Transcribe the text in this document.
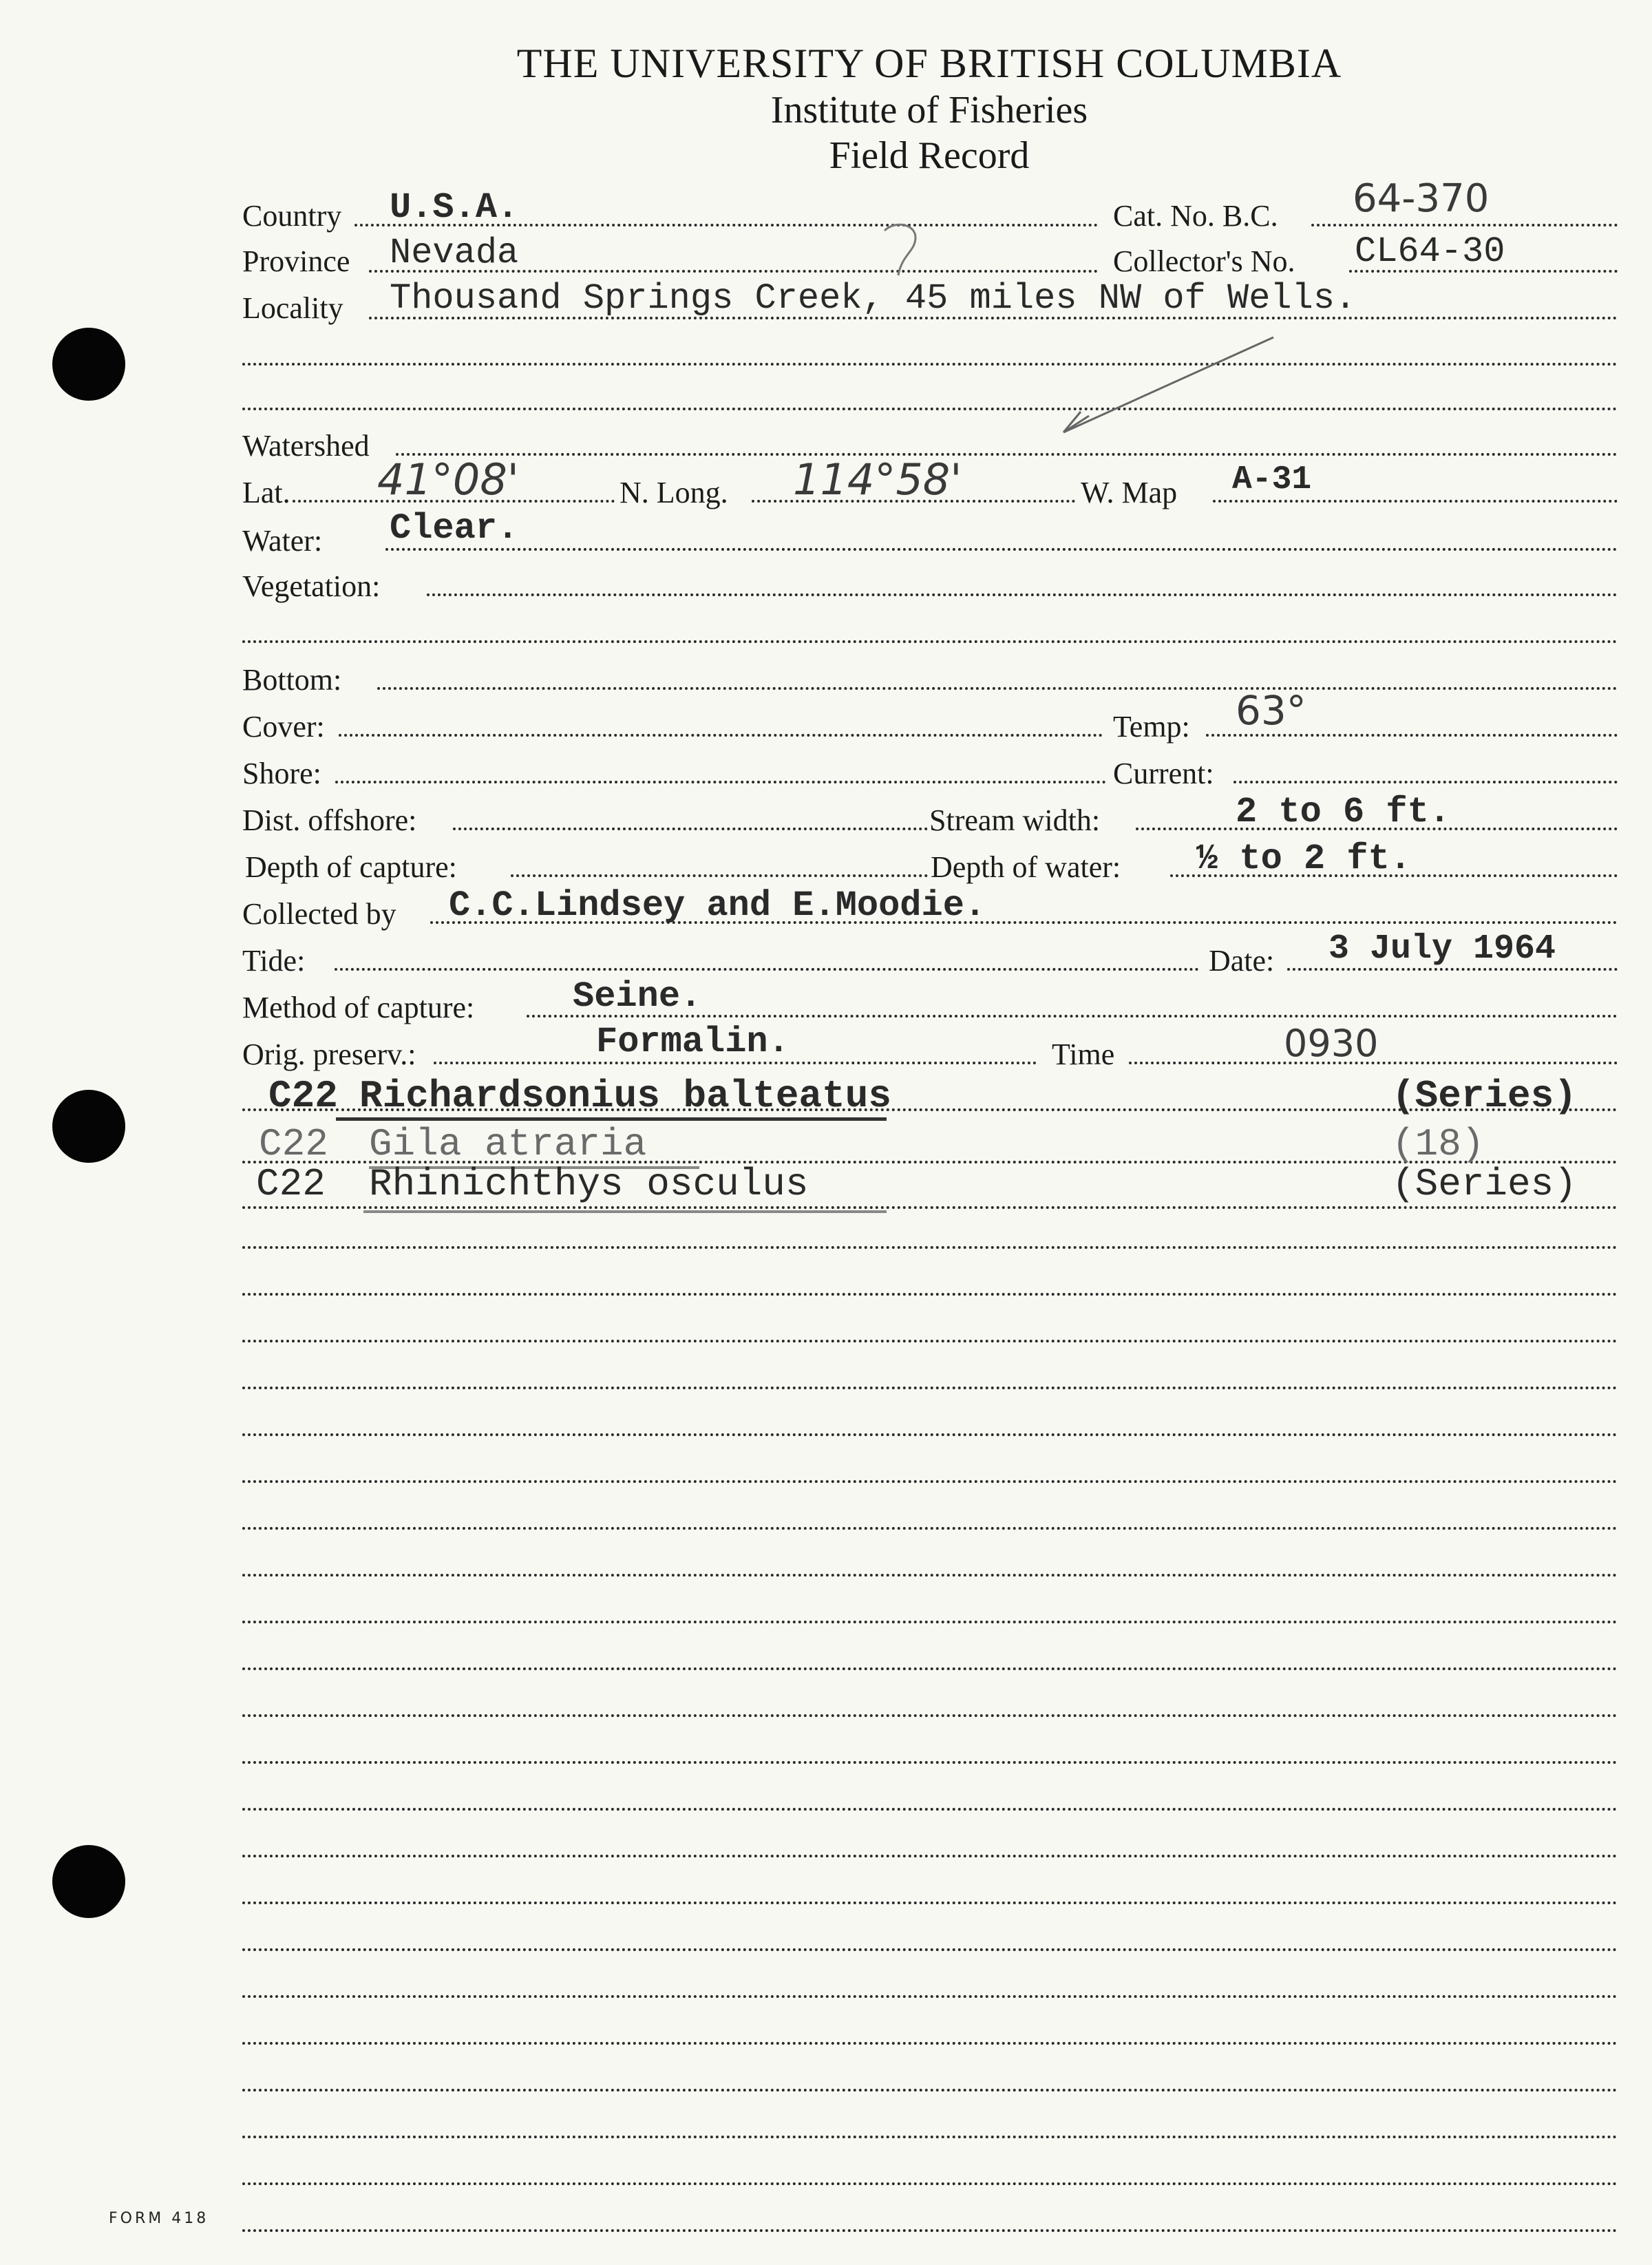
THE UNIVERSITY OF BRITISH COLUMBIA
Institute of Fisheries
Field Record
Country U.S.A.	Cat. No. B.C. 64-370
Province Nevada	Collector's No. CL64-30
Locality Thousand Springs Creek, 45 miles NW of Wells.
Watershed
Lat. 41°08'	N. Long. 114°58'	W. Map A-31
Water: Clear.
Vegetation:
Bottom:
Cover:	Temp: 63°
Shore:	Current:
Dist. offshore:	Stream width:	2 to 6 ft.
Depth of capture:	Depth of water: ½ to 2 ft.
Collected by C.C.Lindsey and E.Moodie.
Tide:	Date: 3 July 1964
Method of capture:	Seine.
Orig. preserv.:	Formalin.	Time	0930
C22 Richardsonius balteatus	(Series)
C22 Gila atraria	(18)
C22 Rhinichthys osculus	(Series)
FORM 418
